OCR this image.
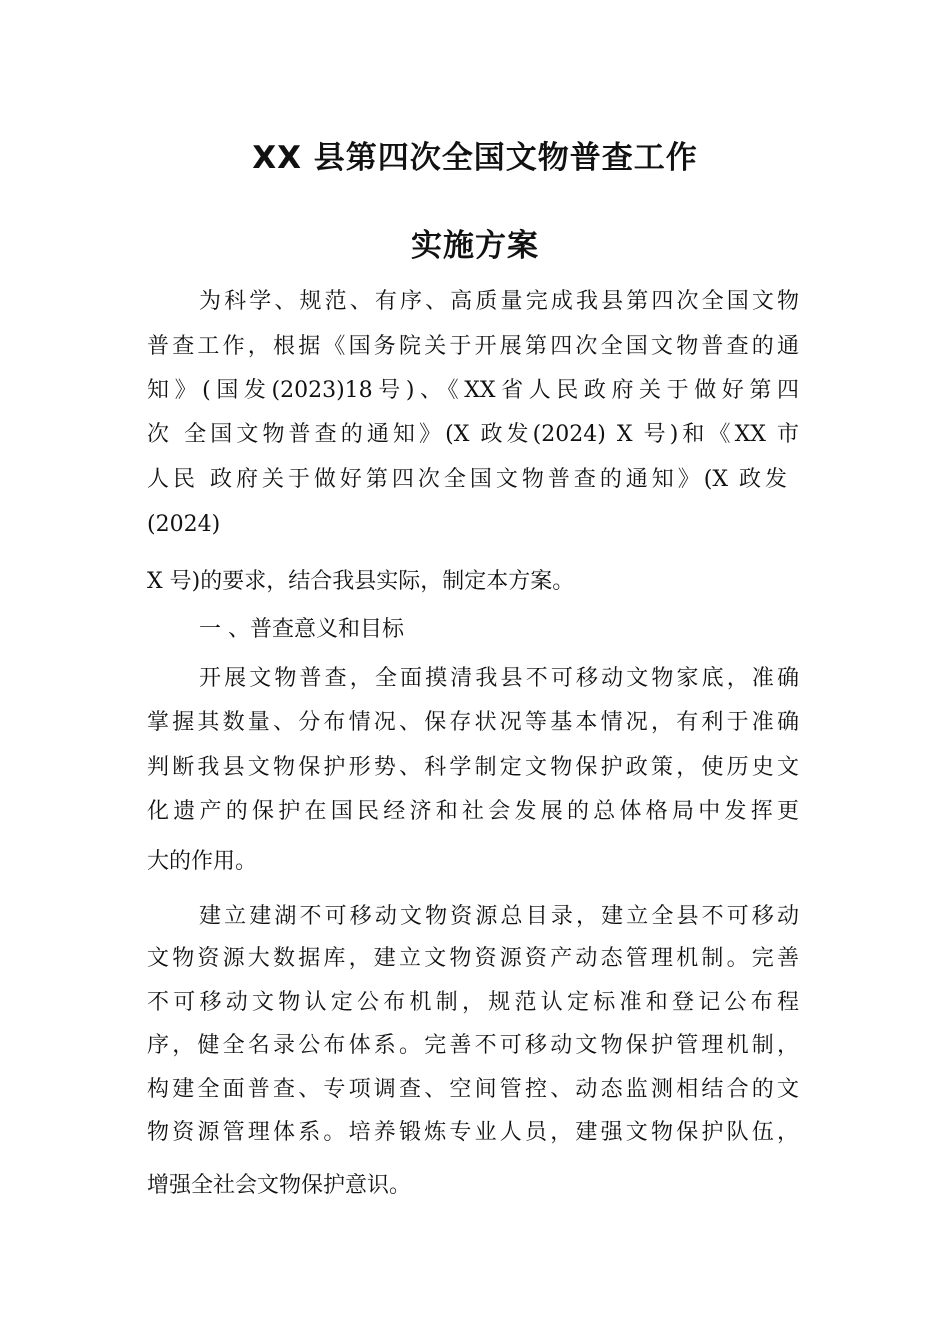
XX 县第四次全国文物普查工作
实施方案
为科学、规范、有序、高质量完成我县第四次全国文物
普查工作，根据《国务院关于开展第四次全国文物普查的通
知》(国发(2023)18号)、《XX省人民政府关于做好第四
次 全国文物普查的通知》(X 政发(2024) X 号)和《XX 市
人民 政府关于做好第四次全国文物普查的通知》(X 政发
(2024)
X 号)的要求，结合我县实际，制定本方案。
一 、普查意义和目标
开展文物普查，全面摸清我县不可移动文物家底，准确
掌握其数量、分布情况、保存状况等基本情况，有利于准确
判断我县文物保护形势、科学制定文物保护政策，使历史文
化遗产的保护在国民经济和社会发展的总体格局中发挥更
大的作用。
建立建湖不可移动文物资源总目录，建立全县不可移动
文物资源大数据库，建立文物资源资产动态管理机制。完善
不可移动文物认定公布机制，规范认定标准和登记公布程
序，健全名录公布体系。完善不可移动文物保护管理机制，
构建全面普查、专项调查、空间管控、动态监测相结合的文
物资源管理体系。培养锻炼专业人员，建强文物保护队伍，
增强全社会文物保护意识。
